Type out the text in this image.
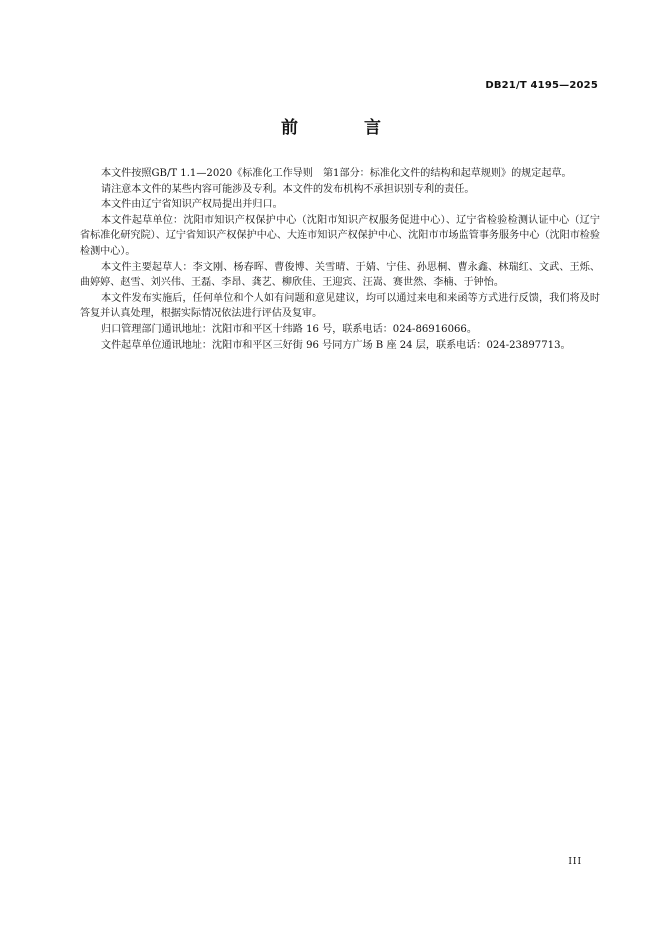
DB21/T 4195—2025
前 言

本文件按照GB/T 1.1—2020《标准化工作导则　第1部分：标准化文件的结构和起草规则》的规定起草。

请注意本文件的某些内容可能涉及专利。本文件的发布机构不承担识别专利的责任。

本文件由辽宁省知识产权局提出并归口。

本文件起草单位：沈阳市知识产权保护中心（沈阳市知识产权服务促进中心）、辽宁省检验检测认证中心（辽宁省标准化研究院）、辽宁省知识产权保护中心、大连市知识产权保护中心、沈阳市市场监管事务服务中心（沈阳市检验检测中心）。

本文件主要起草人：李文刚、杨春晖、曹俊博、关雪晴、于婧、宁佳、孙思桐、曹永鑫、林瑞红、文武、王烁、曲婷婷、赵雪、刘兴伟、王磊、李昂、龚艺、柳欣佳、王迎宾、汪嵩、赛世然、李楠、于钟怡。

本文件发布实施后，任何单位和个人如有问题和意见建议，均可以通过来电和来函等方式进行反馈，我们将及时答复并认真处理，根据实际情况依法进行评估及复审。

归口管理部门通讯地址：沈阳市和平区十纬路 16 号，联系电话：024-86916066。

文件起草单位通讯地址：沈阳市和平区三好街 96 号同方广场 B 座 24 层，联系电话：024-23897713。

III
